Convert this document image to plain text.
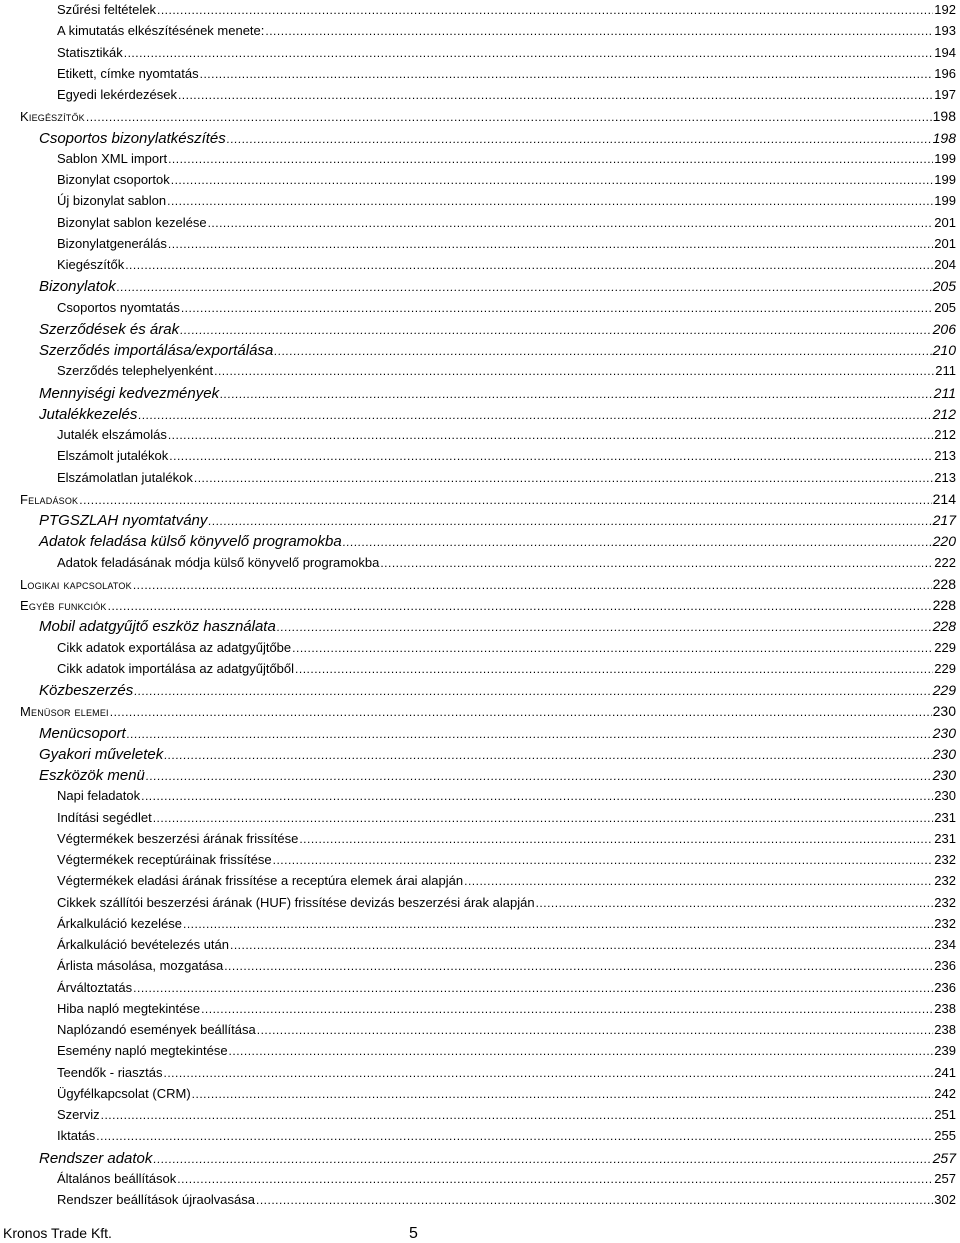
Szűrési feltételek .....	192
A kimutatás elkészítésének menete: .....	193
Statisztikák .....	194
Etikett, címke nyomtatás .....	196
Egyedi lekérdezések .....	197
Kiegészítők .....	198
Csoportos bizonylatkészítés .....	198
Sablon XML import .....	199
Bizonylat csoportok .....	199
Új bizonylat sablon .....	199
Bizonylat sablon kezelése .....	201
Bizonylatgenerálás .....	201
Kiegészítők .....	204
Bizonylatok .....	205
Csoportos nyomtatás .....	205
Szerződések és árak .....	206
Szerződés importálása/exportálása .....	210
Szerződés telephelyenként .....	211
Mennyiségi kedvezmények .....	211
Jutalékkezelés .....	212
Jutalék elszámolás .....	212
Elszámolt jutalékok .....	213
Elszámolatlan jutalékok .....	213
Feladások .....	214
PTGSZLAH nyomtatvány .....	217
Adatok feladása külső könyvelő programokba .....	220
Adatok feladásának módja külső könyvelő programokba .....	222
Logikai kapcsolatok .....	228
Egyéb funkciók .....	228
Mobil adatgyűjtő eszköz használata .....	228
Cikk adatok exportálása az adatgyűjtőbe .....	229
Cikk adatok importálása az adatgyűjtőből .....	229
Közbeszerzés .....	229
Menüsor elemei .....	230
Menücsoport .....	230
Gyakori műveletek .....	230
Eszközök menü .....	230
Napi feladatok .....	230
Indítási segédlet .....	231
Végtermékek beszerzési árának frissítése .....	231
Végtermékek receptúráinak frissítése .....	232
Végtermékek eladási árának frissítése a receptúra elemek árai alapján .....	232
Cikkek szállítói beszerzési árának (HUF) frissítése devizás beszerzési árak alapján .....	232
Árkalkuláció kezelése .....	232
Árkalkuláció bevételezés után .....	234
Árlista másolása, mozgatása .....	236
Árváltoztatás .....	236
Hiba napló megtekintése .....	238
Naplózandó események beállítása .....	238
Esemény napló megtekintése .....	239
Teendők - riasztás .....	241
Ügyfélkapcsolat (CRM) .....	242
Szerviz .....	251
Iktatás .....	255
Rendszer adatok .....	257
Általános beállítások .....	257
Rendszer beállítások újraolvasása .....	302
Kronos Trade Kft.	5
